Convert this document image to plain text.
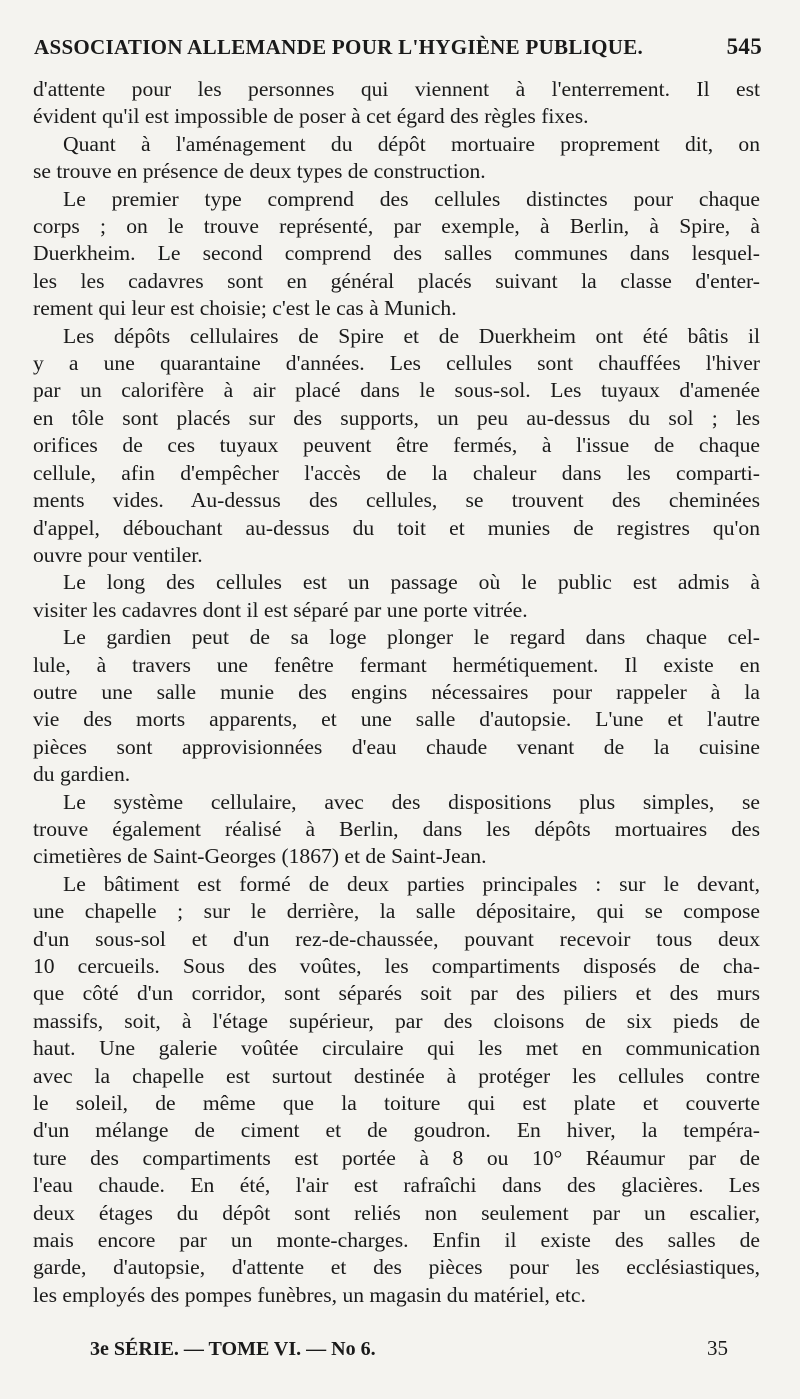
ASSOCIATION ALLEMANDE POUR L'HYGIÈNE PUBLIQUE.	545
d'attente pour les personnes qui viennent à l'enterrement. Il est
évident qu'il est impossible de poser à cet égard des règles fixes.
Quant à l'aménagement du dépôt mortuaire proprement dit, on
se trouve en présence de deux types de construction.
Le premier type comprend des cellules distinctes pour chaque
corps ; on le trouve représenté, par exemple, à Berlin, à Spire, à
Duerkheim. Le second comprend des salles communes dans lesquel-
les les cadavres sont en général placés suivant la classe d'enter-
rement qui leur est choisie; c'est le cas à Munich.
Les dépôts cellulaires de Spire et de Duerkheim ont été bâtis il
y a une quarantaine d'années. Les cellules sont chauffées l'hiver
par un calorifère à air placé dans le sous-sol. Les tuyaux d'amenée
en tôle sont placés sur des supports, un peu au-dessus du sol ; les
orifices de ces tuyaux peuvent être fermés, à l'issue de chaque
cellule, afin d'empêcher l'accès de la chaleur dans les comparti-
ments vides. Au-dessus des cellules, se trouvent des cheminées
d'appel, débouchant au-dessus du toit et munies de registres qu'on
ouvre pour ventiler.
Le long des cellules est un passage où le public est admis à
visiter les cadavres dont il est séparé par une porte vitrée.
Le gardien peut de sa loge plonger le regard dans chaque cel-
lule, à travers une fenêtre fermant hermétiquement. Il existe en
outre une salle munie des engins nécessaires pour rappeler à la
vie des morts apparents, et une salle d'autopsie. L'une et l'autre
pièces sont approvisionnées d'eau chaude venant de la cuisine
du gardien.
Le système cellulaire, avec des dispositions plus simples, se
trouve également réalisé à Berlin, dans les dépôts mortuaires des
cimetières de Saint-Georges (1867) et de Saint-Jean.
Le bâtiment est formé de deux parties principales : sur le devant,
une chapelle ; sur le derrière, la salle dépositaire, qui se compose
d'un sous-sol et d'un rez-de-chaussée, pouvant recevoir tous deux
10 cercueils. Sous des voûtes, les compartiments disposés de cha-
que côté d'un corridor, sont séparés soit par des piliers et des murs
massifs, soit, à l'étage supérieur, par des cloisons de six pieds de
haut. Une galerie voûtée circulaire qui les met en communication
avec la chapelle est surtout destinée à protéger les cellules contre
le soleil, de même que la toiture qui est plate et couverte
d'un mélange de ciment et de goudron. En hiver, la tempéra-
ture des compartiments est portée à 8 ou 10° Réaumur par de
l'eau chaude. En été, l'air est rafraîchi dans des glacières. Les
deux étages du dépôt sont reliés non seulement par un escalier,
mais encore par un monte-charges. Enfin il existe des salles de
garde, d'autopsie, d'attente et des pièces pour les ecclésiastiques,
les employés des pompes funèbres, un magasin du matériel, etc.
3e SÉRIE. — TOME VI. — No 6.	35
